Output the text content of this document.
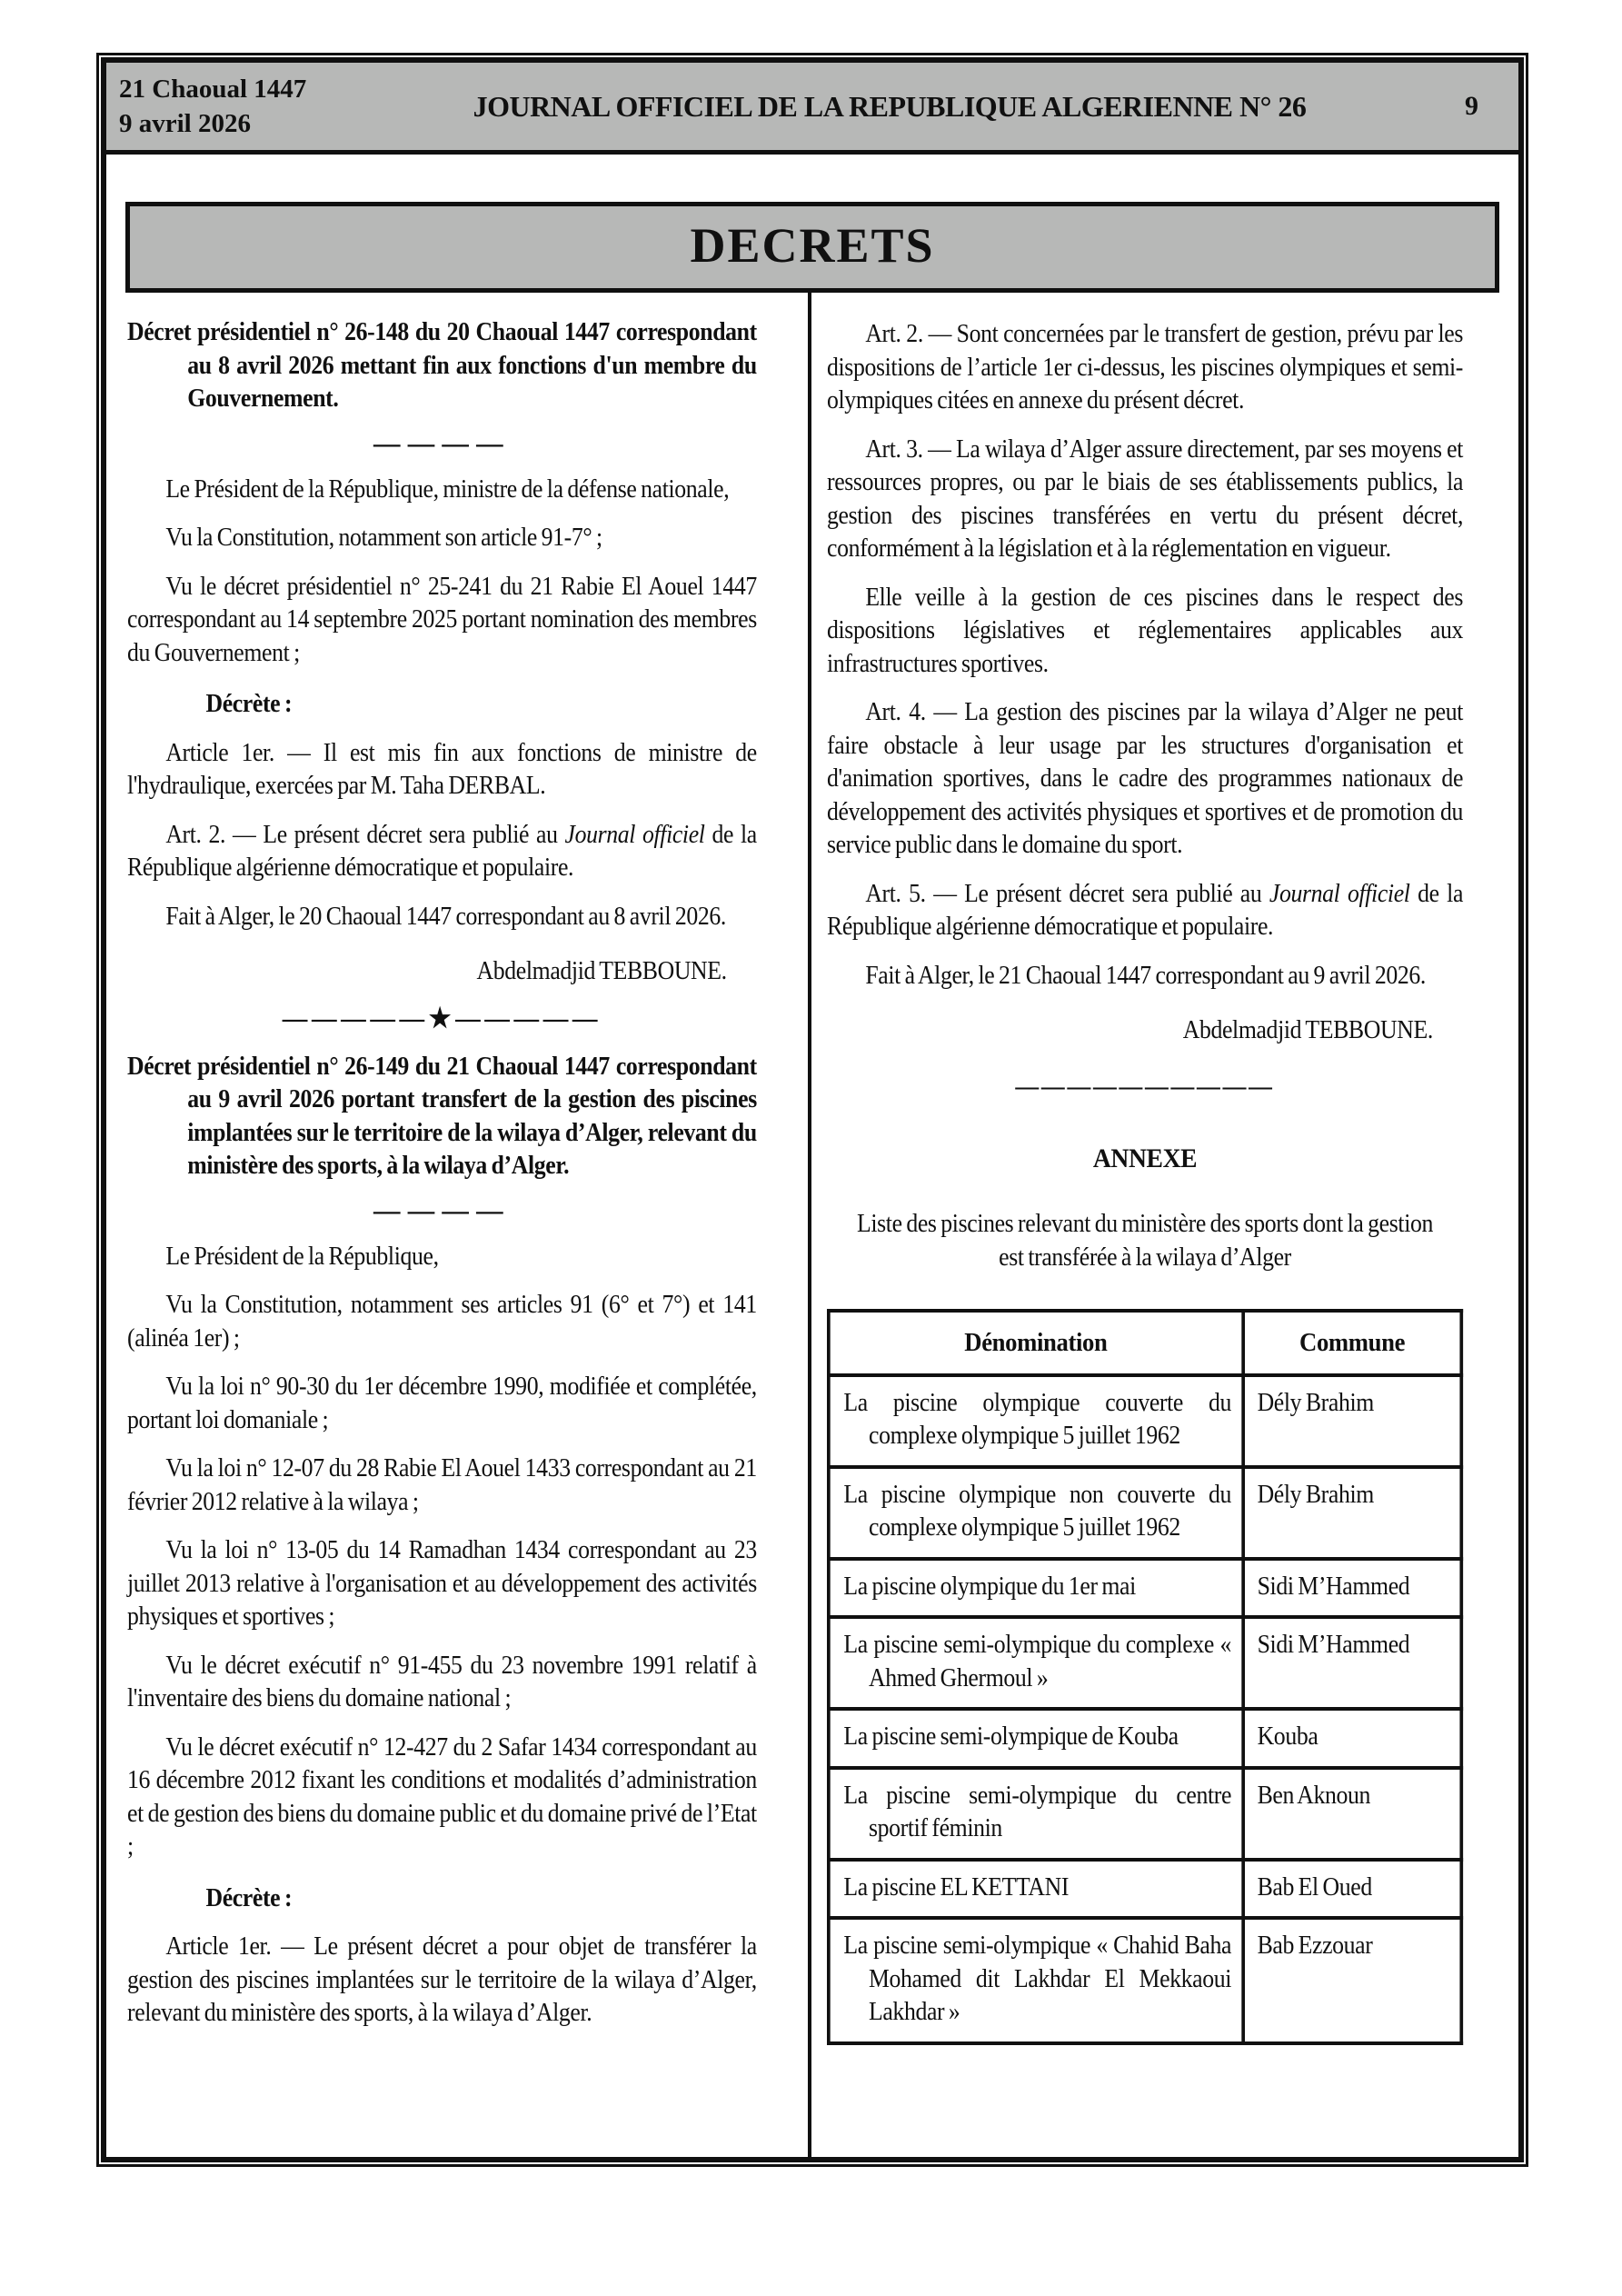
21 Chaoual 1447
9 avril 2026
JOURNAL OFFICIEL DE LA REPUBLIQUE ALGERIENNE N° 26	9
DECRETS

Décret présidentiel n° 26-148 du 20 Chaoual 1447 correspondant au 8 avril 2026 mettant fin aux fonctions d'un membre du Gouvernement.

————

Le Président de la République, ministre de la défense nationale,

Vu la Constitution, notamment son article 91-7° ;

Vu le décret présidentiel n° 25-241 du 21 Rabie El Aouel 1447 correspondant au 14 septembre 2025 portant nomination des membres du Gouvernement ;

Décrète :

Article 1er. — Il est mis fin aux fonctions de ministre de l'hydraulique, exercées par M. Taha DERBAL.

Art. 2. — Le présent décret sera publié au Journal officiel de la République algérienne démocratique et populaire.

Fait à Alger, le 20 Chaoual 1447 correspondant au 8 avril 2026.

Abdelmadjid TEBBOUNE.

—————★—————

Décret présidentiel n° 26-149 du 21 Chaoual 1447 correspondant au 9 avril 2026 portant transfert de la gestion des piscines implantées sur le territoire de la wilaya d’Alger, relevant du ministère des sports, à la wilaya d’Alger.

————

Le Président de la République,

Vu la Constitution, notamment ses articles 91 (6° et 7°) et 141 (alinéa 1er) ;

Vu la loi n° 90-30 du 1er décembre 1990, modifiée et complétée, portant loi domaniale ;

Vu la loi n° 12-07 du 28 Rabie El Aouel 1433 correspondant au 21 février 2012 relative à la wilaya ;

Vu la loi n° 13-05 du 14 Ramadhan 1434 correspondant au 23 juillet 2013 relative à l'organisation et au développement des activités physiques et sportives ;

Vu le décret exécutif n° 91-455 du 23 novembre 1991 relatif à l'inventaire des biens du domaine national ;

Vu le décret exécutif n° 12-427 du 2 Safar 1434 correspondant au 16 décembre 2012 fixant les conditions et modalités d’administration et de gestion des biens du domaine public et du domaine privé de l’Etat ;

Décrète :

Article 1er. — Le présent décret a pour objet de transférer la gestion des piscines implantées sur le territoire de la wilaya d’Alger, relevant du ministère des sports, à la wilaya d’Alger.

Art. 2. — Sont concernées par le transfert de gestion, prévu par les dispositions de l’article 1er ci-dessus, les piscines olympiques et semi-olympiques citées en annexe du présent décret.

Art. 3. — La wilaya d’Alger assure directement, par ses moyens et ressources propres, ou par le biais de ses établissements publics, la gestion des piscines transférées en vertu du présent décret, conformément à la législation et à la réglementation en vigueur.

Elle veille à la gestion de ces piscines dans le respect des dispositions législatives et réglementaires applicables aux infrastructures sportives.

Art. 4. — La gestion des piscines par la wilaya d’Alger ne peut faire obstacle à leur usage par les structures d'organisation et d'animation sportives, dans le cadre des programmes nationaux de développement des activités physiques et sportives et de promotion du service public dans le domaine du sport.

Art. 5. — Le présent décret sera publié au Journal officiel de la République algérienne démocratique et populaire.

Fait à Alger, le 21 Chaoual 1447 correspondant au 9 avril 2026.

Abdelmadjid TEBBOUNE.

——————————

ANNEXE

Liste des piscines relevant du ministère des sports dont la gestion est transférée à la wilaya d’Alger

Dénomination	Commune
La piscine olympique couverte du complexe olympique 5 juillet 1962	Dély Brahim
La piscine olympique non couverte du complexe olympique 5 juillet 1962	Dély Brahim
La piscine olympique du 1er mai	Sidi M’Hammed
La piscine semi-olympique du complexe « Ahmed Ghermoul »	Sidi M’Hammed
La piscine semi-olympique de Kouba	Kouba
La piscine semi-olympique du centre sportif féminin	Ben Aknoun
La piscine EL KETTANI	Bab El Oued
La piscine semi-olympique « Chahid Baha Mohamed dit Lakhdar El Mekkaoui Lakhdar »	Bab Ezzouar
